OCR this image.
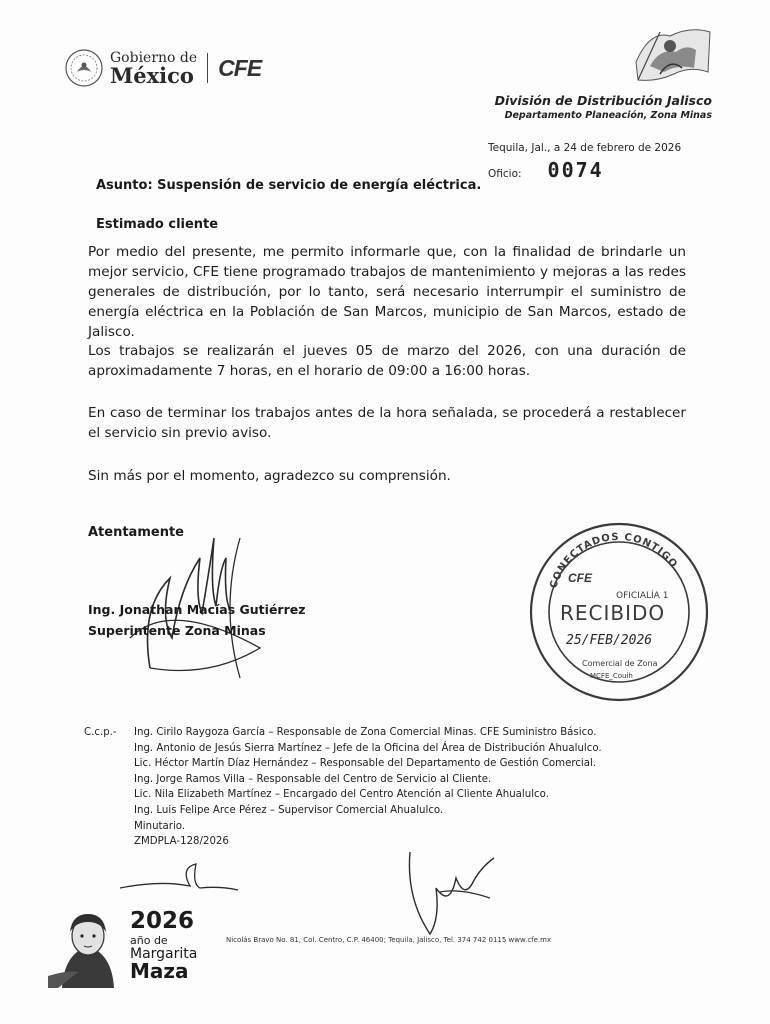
Gobierno de
México CFE
División de Distribución Jalisco
Departamento Planeación, Zona Minas
Tequila, Jal., a 24 de febrero de 2026
Oficio: 0074
Asunto: Suspensión de servicio de energía eléctrica.
Estimado cliente
Por medio del presente, me permito informarle que, con la finalidad de brindarle un mejor servicio, CFE tiene programado trabajos de mantenimiento y mejoras a las redes generales de distribución, por lo tanto, será necesario interrumpir el suministro de energía eléctrica en la Población de San Marcos, municipio de San Marcos, estado de Jalisco.
Los trabajos se realizarán el jueves 05 de marzo del 2026, con una duración de aproximadamente 7 horas, en el horario de 09:00 a 16:00 horas.
En caso de terminar los trabajos antes de la hora señalada, se procederá a restablecer el servicio sin previo aviso.
Sin más por el momento, agradezco su comprensión.
Atentamente
Ing. Jonathan Macías Gutiérrez
Superintente Zona Minas
CONECTADOS CONTIGO
CFE
OFICIALÍA 1
RECIBIDO
25/FEB/2026
Comercial de Zona
MCFE_Couih
C.c.p.-	Ing. Cirilo Raygoza García – Responsable de Zona Comercial Minas. CFE Suministro Básico.
Ing. Antonio de Jesús Sierra Martínez – Jefe de la Oficina del Área de Distribución Ahualulco.
Lic. Héctor Martín Díaz Hernández – Responsable del Departamento de Gestión Comercial.
Ing. Jorge Ramos Villa – Responsable del Centro de Servicio al Cliente.
Lic. Nila Elizabeth Martínez – Encargado del Centro Atención al Cliente Ahualulco.
Ing. Luis Felipe Arce Pérez – Supervisor Comercial Ahualulco.
Minutario.
ZMDPLA-128/2026
2026
año de
Margarita
Maza
Nicolás Bravo No. 81, Col. Centro, C.P. 46400; Tequila, Jalisco, Tel. 374 742 0115 www.cfe.mx
